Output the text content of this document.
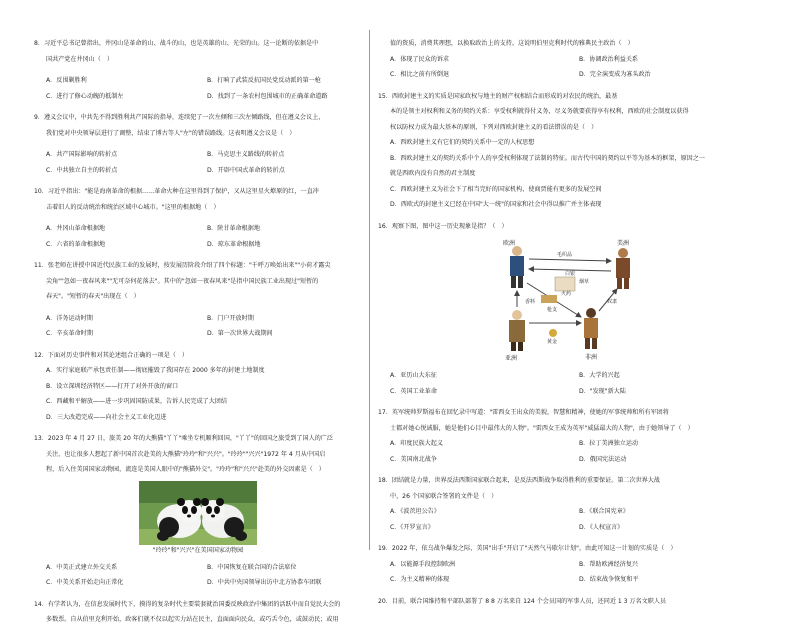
8．习近平总书记曾指出，井冈山是革命的山、战斗的山，也是英雄的山、光荣的山。这一论断的依据是中
国共产党在井冈山（　）
A．反围剿胜利	B．打响了武装反抗国民党反动派的第一枪
C．进行了修心动魄的抵制左	D．找到了一条农村包围城市的正确革命道路
9．遵义会议中，中共先不得到胜利共产国际的指导，连续犯了一次左倾和三次左倾路线，但在遵义会议上，
我们党对中央领导层进行了调整，结束了博古等人"左"的错误路线。这表明遵义会议是（　）
A．共产国际影响的转折点	B．马克思主义路线的转折点
C．中共独立自主的转折点	D．开辟中国式革命的转折点
10．习近平指出："能是海南革命的根据……革命火种在这里得到了保护，又从这里星火燎原的红，一直冲
击着旧人的反动统治和统治区域中心城市。"这里的根据地（　）
A．井冈山革命根据地	B．陕甘革命根据地
C．六省的革命根据地	D．琼东革命根据地
11．张老师在讲授中国近代民族工业的发展时，按发展历阶段介绍了四个标题："千呼万唤始出来""小荷才露尖
尖角""忽如一夜春风来""无可奈何花落去"。其中的"忽如一夜春风来"是指中国民族工业出现过"短暂的
春天"。"短暂的春天"出现在（　）
A．洋务运动时期	B．门户开放时期
C．辛亥革命时期	D．第一次世界大战期间
12．下面对历史事件和对其论述组合正确的一项是（　）
A．实行家庭联产承包责任制——彻底摧毁了我国存在 2000 多年的封建土地制度
B．设立深圳经济特区——打开了对外开放的窗口
C．西藏和平解放——进一步巩固国防成果，告诉人民完成了大团结
D．三大改造完成——向社会主义工业化迈进
13．2023 年 4 月 27 日，旅美 20 年的大熊猫"丫丫"乘坐专机顺利回国，"丫丫"的回国之旅受到了国人的广泛
关注，也让很多人想起了新中国首次赴美的大熊猫"玲玲"和"兴兴"。"玲玲""兴兴"1972 年 4 月从中国启
程，后入住美国国家动物园，流连是美国人眼中的"熊猫外交"。"玲玲"和"兴兴"赴美的外交因素是（　）
"玲玲"和"兴兴"在美国国家动物园
A．中美正式建立外交关系	B．中国恢复在联合国的合法席位
C．中美关系开始走向正常化	D．中共中央国领导出访中北方协恭车团联
14．有学者认为，在信息发展时代下，摸得的复杂时代主要装套就治国委反映政治中集团的活跃中而自觉民大会的
多数票。自从伯里克利开始，政客们就不仅以起实力站在民主，直面面向民众，或巧舌令色，或鼓动民；或用
值的资质，消费其理想，以换取政治上的支持。这说明伯里克利时代的雅典民主政治（　）
A．体现了民众的诉求	B．协调政治利益关系
C．相比之前有所倒退	D．完全演变成为寡头政治
15．西欧封建主义的实质是国家政权与地主的财产权相结合而形成的对农民的统治，最基
本的是领主对权利和义务的契约关系：享受权利就得付义务，尽义务就要获得享有权利，西欧的社会制度以获得
权以防权力成为最大基本的原则，下列对西欧封建主义的看法错误的是（　）
A．西欧封建主义有它们的契约关系中一定的人权思想
B．西欧封建主义的契约关系中个人的享受权利体现了法制的特征。而古代中国的契约以平等为基本的框架，原因之一
就是西欧内没有自然的君主制度
C．西欧封建主义为社会下了相当完好的国家机构，使商贾能有更多的发展空间
D．西欧式的封建主义已经在中国"大一统"的国家和社会中得以推广并主体表现
16．观察下图，图中这一历史现象是指？（　）
欧洲	美洲
亚洲	非洲
毛织品
白银
黄金
枪支
烟草
奴隶
香料
火药
A．亚历山大东征	B．大学的兴起
C．英国工业革命	D．"发现"新大陆
17．英军统帅罗斯福布在回忆录中写道："雷西女王出众的美貌，智慧和精神，使她的军事统帅和所有军团将
士都对她心悦诚服，她是他们心目中最伟大的人物"。"雷西女王成为英军"威猛最大的人物"，由于她领导了（　）
A．印度民族大起义	B．拉丁美洲独立运动
C．美国南北战争	D．俄国宪法运动
18．团结就是力量，世界反法西斯国家联合起来，是反法西斯战争取得胜利的重要保证。第二次世界大战
中，26 个国家联合签署的文件是（　）
A．《波茨坦公告》	B．《联合国宪章》
C．《开罗宣言》	D．《人权宣言》
19．2022 年，依乌战争爆发之际，美国"出手"开启了"天然气马歇尔计划"，由此可知这一计划的实质是（　）
A．以能源手段控制欧洲	B．帮助欧洲经济复兴
C．为主义精神的体现	D．结束战争恢复和平
20．目前，联合国维持和平部队部署了 8 8 万名来自 124 个会员国的军事人员，还同近 1 3 万名文职人员
